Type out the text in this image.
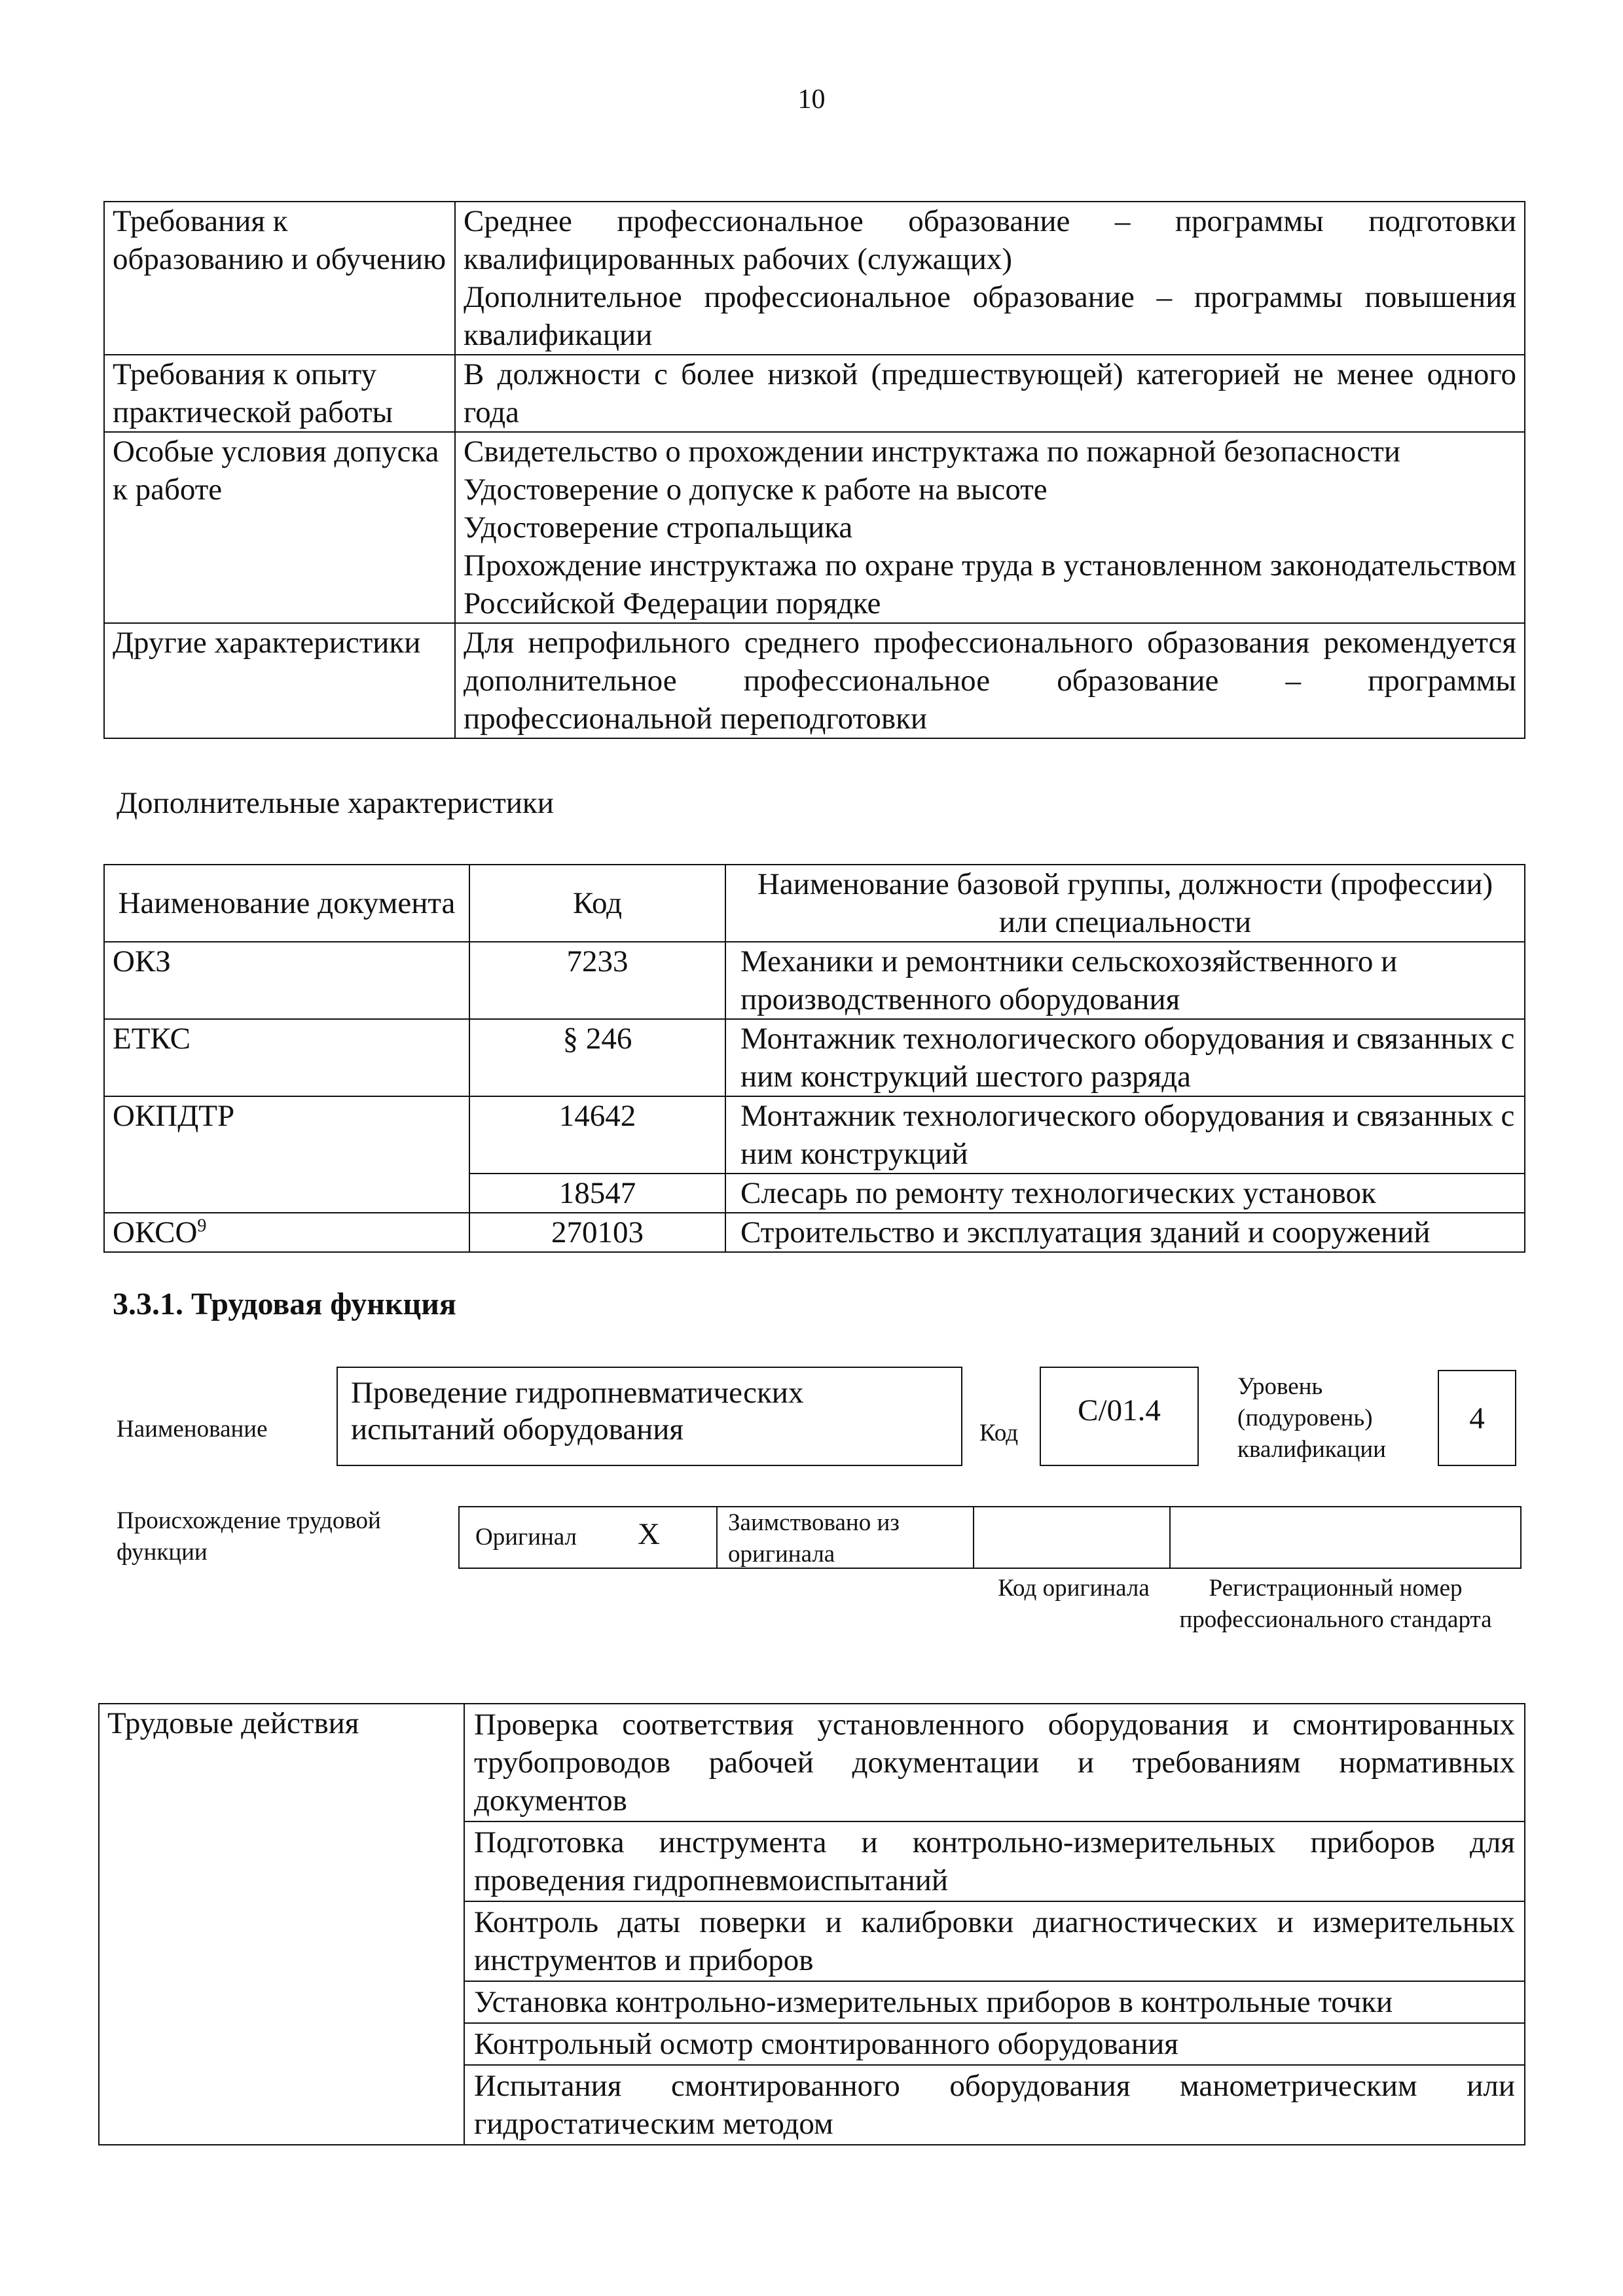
10
Требования к образованию и обучению	Среднее профессиональное образование – программы подготовки квалифицированных рабочих (служащих)
Дополнительное профессиональное образование – программы повышения квалификации

Требования к опыту практической работы	В должности с более низкой (предшествующей) категорией не менее одного года

Особые условия допуска к работе	Свидетельство о прохождении инструктажа по пожарной безопасности
Удостоверение о допуске к работе на высоте
Удостоверение стропальщика
Прохождение инструктажа по охране труда в установленном законодательством Российской Федерации порядке

Другие характеристики	Для непрофильного среднего профессионального образования рекомендуется дополнительное профессиональное образование – программы профессиональной переподготовки
Дополнительные характеристики
Наименование документа	Код	Наименование базовой группы, должности (профессии) или специальности
ОКЗ	7233	Механики и ремонтники сельскохозяйственного и производственного оборудования
ЕТКС	§ 246	Монтажник технологического оборудования и связанных с ним конструкций шестого разряда
ОКПДТР	14642	Монтажник технологического оборудования и связанных с ним конструкций
	18547	Слесарь по ремонту технологических установок
ОКСО$^9$	270103	Строительство и эксплуатация зданий и сооружений
3.3.1. Трудовая функция
Наименование
Проведение гидропневматических испытаний оборудования	Код
С/01.4
Уровень (подуровень) квалификации
4
Происхождение трудовой функции
Оригинал X	Заимствовано из оригинала
Код оригинала	Регистрационный номер профессионального стандарта
Трудовые действия	Проверка соответствия установленного оборудования и смонтированных трубопроводов рабочей документации и требованиям нормативных документов
Подготовка инструмента и контрольно-измерительных приборов для проведения гидропневмоиспытаний
Контроль даты поверки и калибровки диагностических и измерительных инструментов и приборов
Установка контрольно-измерительных приборов в контрольные точки
Контрольный осмотр смонтированного оборудования
Испытания смонтированного оборудования манометрическим или гидростатическим методом
